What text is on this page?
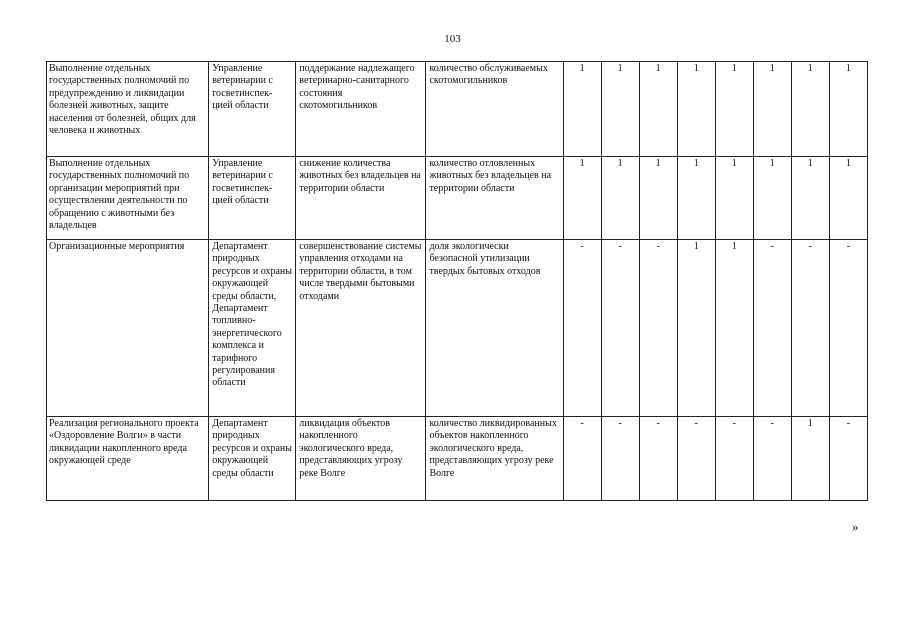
103
Выполнение отдельных государственных полномочий по предупреждению и ликвидации болезней животных, защите населения от болезней, общих для человека и животных	Управление ветеринарии с госветинспек-цией области	поддержание надлежащего ветеринарно-санитарного состояния скотомогильников	количество обслуживаемых скотомогильников	1	1	1	1	1	1	1	1
Выполнение отдельных государственных полномочий по организации мероприятий при осуществлении деятельности по обращению с животными без владельцев	Управление ветеринарии с госветинспек-цией области	снижение количества животных без владельцев на территории области	количество отловленных животных без владельцев на территории области	1	1	1	1	1	1	1	1
Организационные мероприятия	Департамент природных ресурсов и охраны окружающей среды области, Департамент топливно-энергетического комплекса и тарифного регулирования области	совершенствование системы управления отходами на территории области, в том числе твердыми бытовыми отходами	доля экологически безопасной утилизации твердых бытовых отходов	-	-	-	1	1	-	-	-
Реализация регионального проекта «Оздоровление Волги» в части ликвидации накопленного вреда окружающей среде	Департамент природных ресурсов и охраны окружающей среды области	ликвидация объектов накопленного экологического вреда, представляющих угрозу реке Волге	количество ликвидированных объектов накопленного экологического вреда, представляющих угрозу реке Волге	-	-	-	-	-	-	1	-
»
